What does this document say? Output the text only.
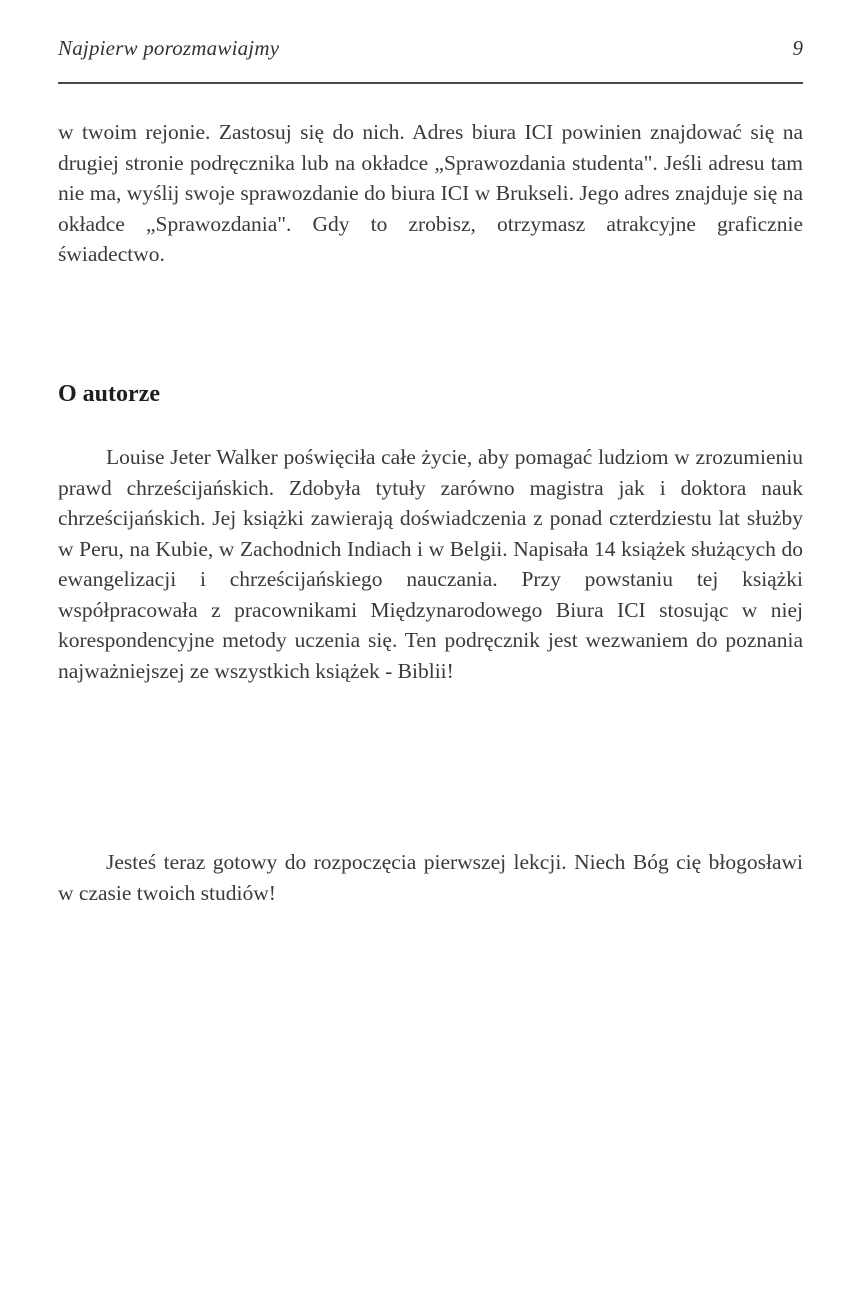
Najpierw porozmawiajmy	9

w twoim rejonie. Zastosuj się do nich. Adres biura ICI powinien znajdować się na drugiej stronie podręcznika lub na okładce „Sprawozdania studenta". Jeśli adresu tam nie ma, wyślij swoje sprawozdanie do biura ICI w Brukseli. Jego adres znajduje się na okładce „Sprawozdania". Gdy to zrobisz, otrzymasz atrakcyjne graficznie świadectwo.

O autorze

Louise Jeter Walker poświęciła całe życie, aby pomagać ludziom w zrozumieniu prawd chrześcijańskich. Zdobyła tytuły zarówno magistra jak i doktora nauk chrześcijańskich. Jej książki zawierają doświadczenia z ponad czterdziestu lat służby w Peru, na Kubie, w Zachodnich Indiach i w Belgii. Napisała 14 książek służących do ewangelizacji i chrześcijańskiego nauczania. Przy powstaniu tej książki współpracowała z pracownikami Międzynarodowego Biura ICI stosując w niej korespondencyjne metody uczenia się. Ten podręcznik jest wezwaniem do poznania najważniejszej ze wszystkich książek - Biblii!

Jesteś teraz gotowy do rozpoczęcia pierwszej lekcji. Niech Bóg cię błogosławi w czasie twoich studiów!
